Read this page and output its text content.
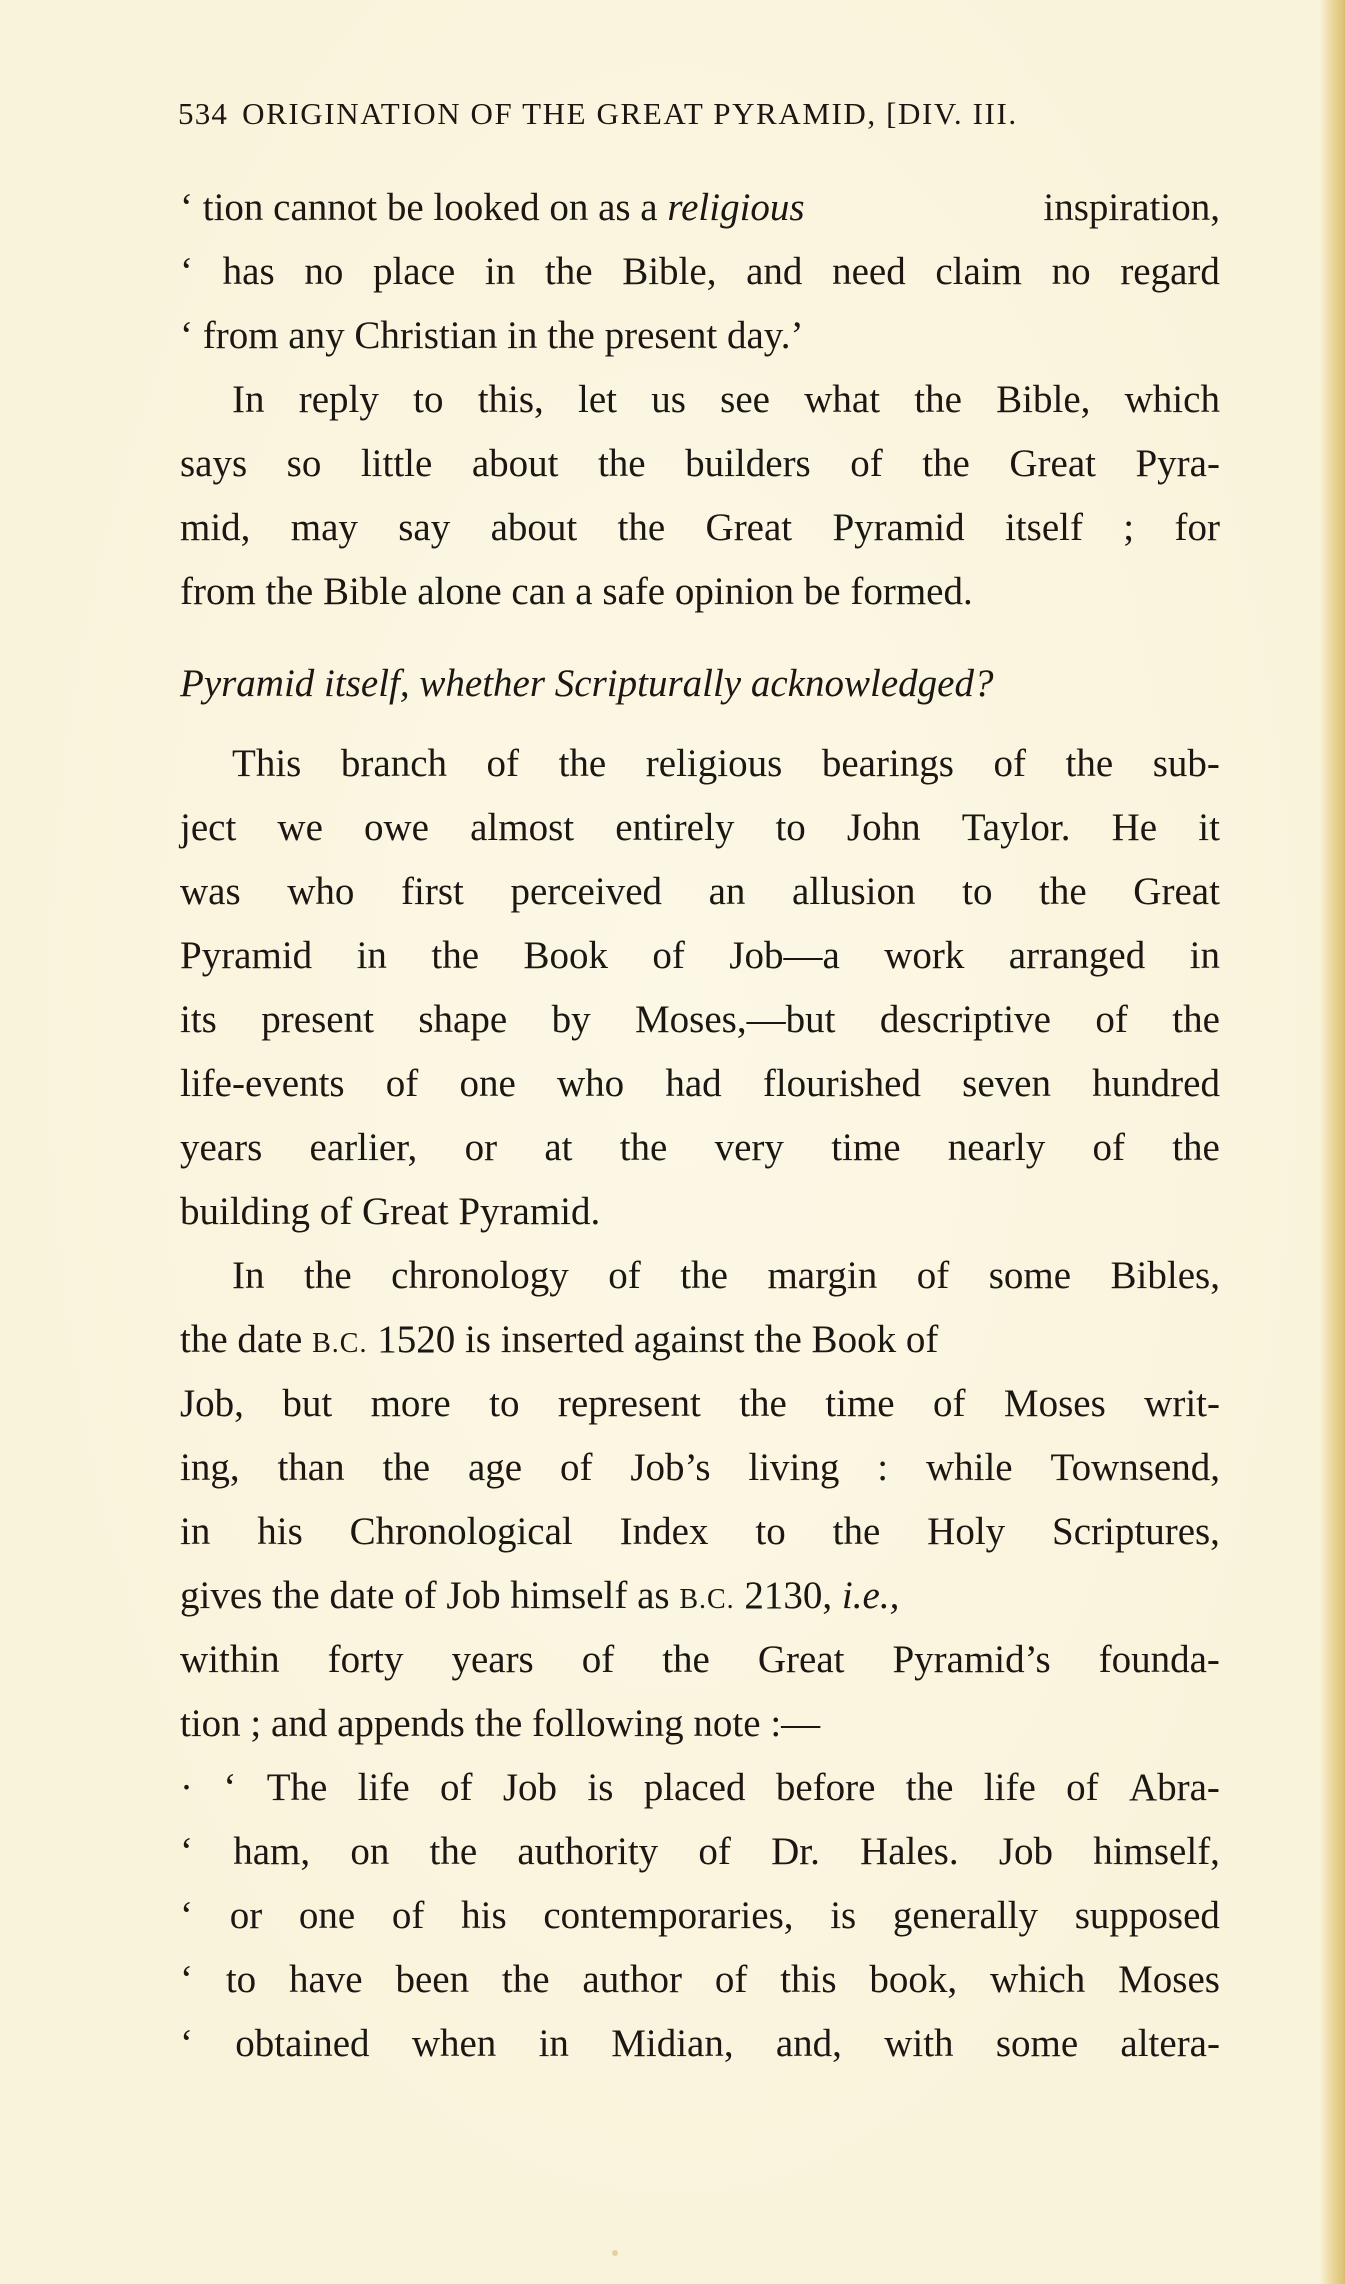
534 ORIGINATION OF THE GREAT PYRAMID, [DIV. III.
‘ tion cannot be looked on as a religious	inspiration,
‘ has no place in the Bible, and need claim no regard
‘ from any Christian in the present day.’
In reply to this, let us see what the Bible, which
says so little about the builders of the Great Pyra-
mid, may say about the Great Pyramid itself ; for
from the Bible alone can a safe opinion be formed.
Pyramid itself, whether Scripturally acknowledged?
This branch of the religious bearings of the sub-
ject we owe almost entirely to John Taylor. He it
was who first perceived an allusion to the Great
Pyramid in the Book of Job—a work arranged in
its present shape by Moses,—but descriptive of the
life-events of one who had flourished seven hundred
years earlier, or at the very time nearly of the
building of Great Pyramid.
In the chronology of the margin of some Bibles,
the date B.C. 1520 is inserted against the Book of
Job, but more to represent the time of Moses writ-
ing, than the age of Job’s living : while Townsend,
in his Chronological Index to the Holy Scriptures,
gives the date of Job himself as B.C. 2130, i.e.,
within forty years of the Great Pyramid’s founda-
tion ; and appends the following note :—
· ‘ The life of Job is placed before the life of Abra-
‘ ham, on the authority of Dr. Hales. Job himself,
‘ or one of his contemporaries, is generally supposed
‘ to have been the author of this book, which Moses
‘ obtained when in Midian, and, with some altera-
